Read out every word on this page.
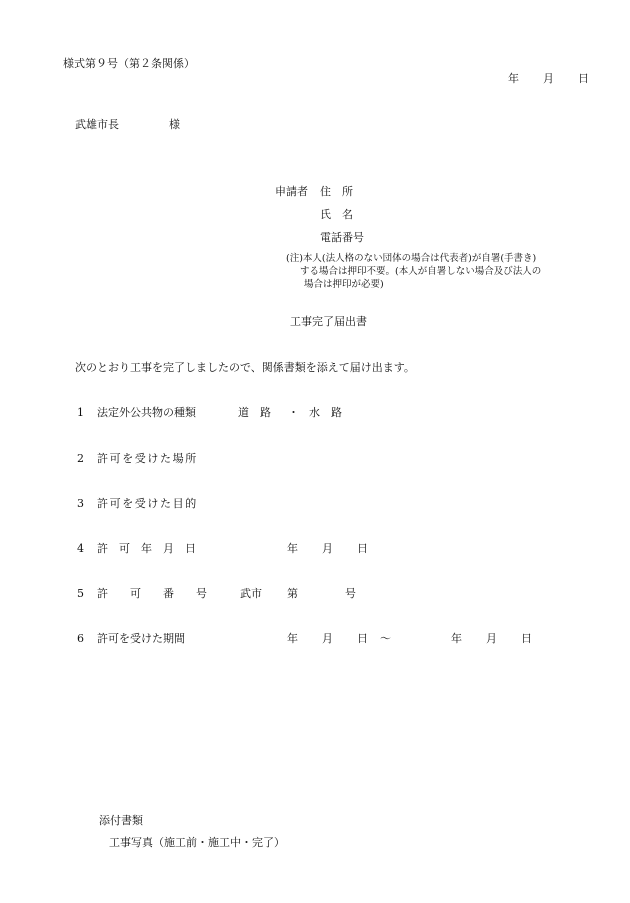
様式第９号（第２条関係）
年 月 日
武雄市長	様
申請者 住　所
氏　名
電話番号
(注)本人(法人格のない団体の場合は代表者)が自署(手書き)
する場合は押印不要。(本人が自署しない場合及び法人の
場合は押印が必要)
工事完了届出書
次のとおり工事を完了しましたので、関係書類を添えて届け出ます。
1 法定外公共物の種類	道　路 ・ 水　路
2 許可を受けた場所
3 許可を受けた目的
4 許　可　年　月　日	年 月 日
5 許　　可　　番　　号	武市 第	号
6 許可を受けた期間	年 月 日 ～	年 月 日
添付書類
工事写真（施工前・施工中・完了）
